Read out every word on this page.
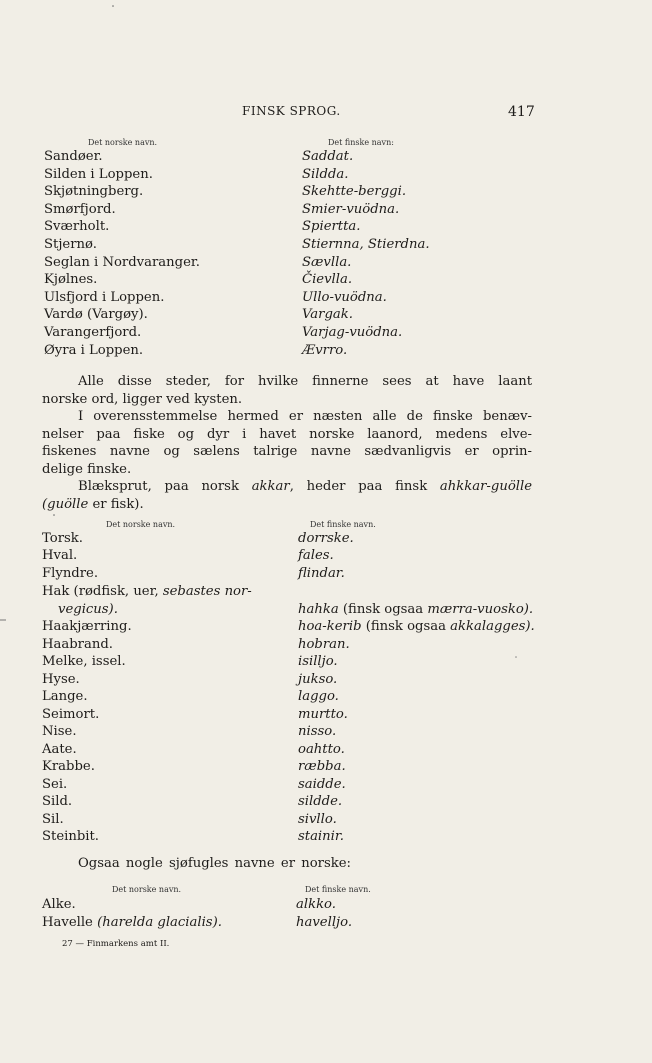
FINSK SPROG.	417
Det norske navn.	Det finske navn:
Sandøer.	Saddat.
Silden i Loppen.	Sildda.
Skjøtningberg.	Skehtte-berggi.
Smørfjord.	Smier-vuödna.
Sværholt.	Spiertta.
Stjernø.	Stiernna, Stierdna.
Seglan i Nordvaranger.	Sævlla.
Kjølnes.	Čievlla.
Ulsfjord i Loppen.	Ullo-vuödna.
Vardø (Vargøy).	Vargak.
Varangerfjord.	Varjag-vuödna.
Øyra i Loppen.	Ævrro.
Alle disse steder, for hvilke finnerne sees at have laant
norske ord, ligger ved kysten.
I overensstemmelse hermed er næsten alle de finske benæv-
nelser paa fiske og dyr i havet norske laanord, medens elve-
fiskenes navne og sælens talrige navne sædvanligvis er oprin-
delige finske.
Blæksprut, paa norsk akkar, heder paa finsk ahkkar-guölle
(guölle er fisk).
Det norske navn.	Det finske navn.
Torsk.	dorrske.
Hval.	fales.
Flyndre.	flindar.
Haakjærring.	hoa-kerib (finsk ogsaa akkalagges).
Haabrand.	hobran.
Melke, issel.	isilljo.
Hyse.	jukso.
Lange.	laggo.
Seimort.	murtto.
Nise.	nisso.
Aate.	oahtto.
Krabbe.	ræbba.
Sei.	saidde.
Sild.	sildde.
Sil.	sivllo.
Steinbit.	stainir.
Hak (rødfisk, uer, sebastes nor-
vegicus).	hahka (finsk ogsaa mærra-vuosko).
Ogsaa nogle sjøfugles navne er norske:
Det norske navn.	Det finske navn.
Alke.	alkko.
Havelle (harelda glacialis).	havelljo.
27 — Finmarkens amt II.
